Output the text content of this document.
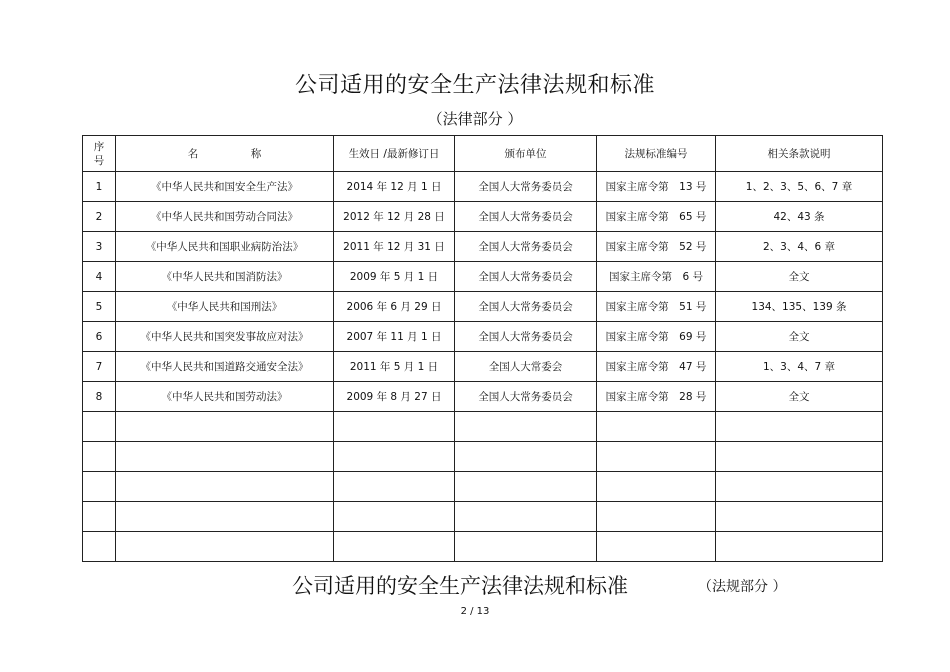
公司适用的安全生产法律法规和标准
（法律部分 ）
序号	名　　　　　称	生效日 /最新修订日	颁布单位	法规标准编号	相关条款说明
1	《中华人民共和国安全生产法》	2014 年 12 月 1 日	全国人大常务委员会	国家主席令第　13 号	1、2、3、5、6、7 章
2	《中华人民共和国劳动合同法》	2012 年 12 月 28 日	全国人大常务委员会	国家主席令第　65 号	42、43 条
3	《中华人民共和国职业病防治法》	2011 年 12 月 31 日	全国人大常务委员会	国家主席令第　52 号	2、3、4、6 章
4	《中华人民共和国消防法》	2009 年 5 月 1 日	全国人大常务委员会	国家主席令第　6 号	全文
5	《中华人民共和国刑法》	2006 年 6 月 29 日	全国人大常务委员会	国家主席令第　51 号	134、135、139 条
6	《中华人民共和国突发事故应对法》	2007 年 11 月 1 日	全国人大常务委员会	国家主席令第　69 号	全文
7	《中华人民共和国道路交通安全法》	2011 年 5 月 1 日	全国人大常委会	国家主席令第　47 号	1、3、4、7 章
8	《中华人民共和国劳动法》	2009 年 8 月 27 日	全国人大常务委员会	国家主席令第　28 号	全文

公司适用的安全生产法律法规和标准	（法规部分 ）
2 / 13
